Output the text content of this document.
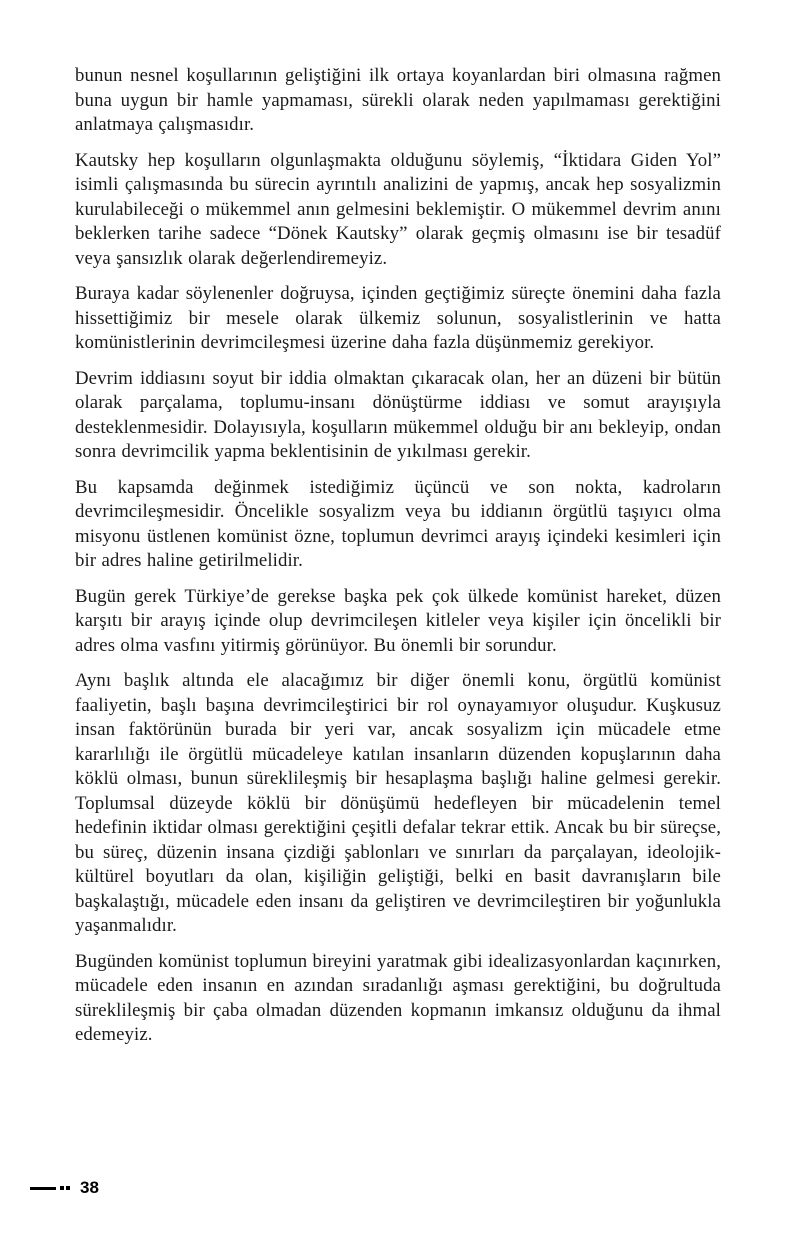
bunun nesnel koşullarının geliştiğini ilk ortaya koyanlardan biri olmasına rağmen buna uygun bir hamle yapmaması, sürekli olarak neden yapılmaması gerektiğini anlatmaya çalışmasıdır.

Kautsky hep koşulların olgunlaşmakta olduğunu söylemiş, “İktidara Giden Yol” isimli çalışmasında bu sürecin ayrıntılı analizini de yapmış, ancak hep sosyalizmin kurulabileceği o mükemmel anın gelmesini beklemiştir. O mükemmel devrim anını beklerken tarihe sadece “Dönek Kautsky” olarak geçmiş olmasını ise bir tesadüf veya şansızlık olarak değerlendiremeyiz.

Buraya kadar söylenenler doğruysa, içinden geçtiğimiz süreçte önemini daha fazla hissettiğimiz bir mesele olarak ülkemiz solunun, sosyalistlerinin ve hatta komünistlerinin devrimcileşmesi üzerine daha fazla düşünmemiz gerekiyor.

Devrim iddiasını soyut bir iddia olmaktan çıkaracak olan, her an düzeni bir bütün olarak parçalama, toplumu-insanı dönüştürme iddiası ve somut arayışıyla desteklenmesidir. Dolayısıyla, koşulların mükemmel olduğu bir anı bekleyip, ondan sonra devrimcilik yapma beklentisinin de yıkılması gerekir.

Bu kapsamda değinmek istediğimiz üçüncü ve son nokta, kadroların devrimcileşmesidir. Öncelikle sosyalizm veya bu iddianın örgütlü taşıyıcı olma misyonu üstlenen komünist özne, toplumun devrimci arayış içindeki kesimleri için bir adres haline getirilmelidir.

Bugün gerek Türkiye’de gerekse başka pek çok ülkede komünist hareket, düzen karşıtı bir arayış içinde olup devrimcileşen kitleler veya kişiler için öncelikli bir adres olma vasfını yitirmiş görünüyor. Bu önemli bir sorundur.

Aynı başlık altında ele alacağımız bir diğer önemli konu, örgütlü komünist faaliyetin, başlı başına devrimcileştirici bir rol oynayamıyor oluşudur. Kuşkusuz insan faktörünün burada bir yeri var, ancak sosyalizm için mücadele etme kararlılığı ile örgütlü mücadeleye katılan insanların düzenden kopuşlarının daha köklü olması, bunun süreklileşmiş bir hesaplaşma başlığı haline gelmesi gerekir. Toplumsal düzeyde köklü bir dönüşümü hedefleyen bir mücadelenin temel hedefinin iktidar olması gerektiğini çeşitli defalar tekrar ettik. Ancak bu bir süreçse, bu süreç, düzenin insana çizdiği şablonları ve sınırları da parçalayan, ideolojik-kültürel boyutları da olan, kişiliğin geliştiği, belki en basit davranışların bile başkalaştığı, mücadele eden insanı da geliştiren ve devrimcileştiren bir yoğunlukla yaşanmalıdır.

Bugünden komünist toplumun bireyini yaratmak gibi idealizasyonlardan kaçınırken, mücadele eden insanın en azından sıradanlığı aşması gerektiğini, bu doğrultuda süreklileşmiş bir çaba olmadan düzenden kopmanın imkansız olduğunu da ihmal edemeyiz.

38
